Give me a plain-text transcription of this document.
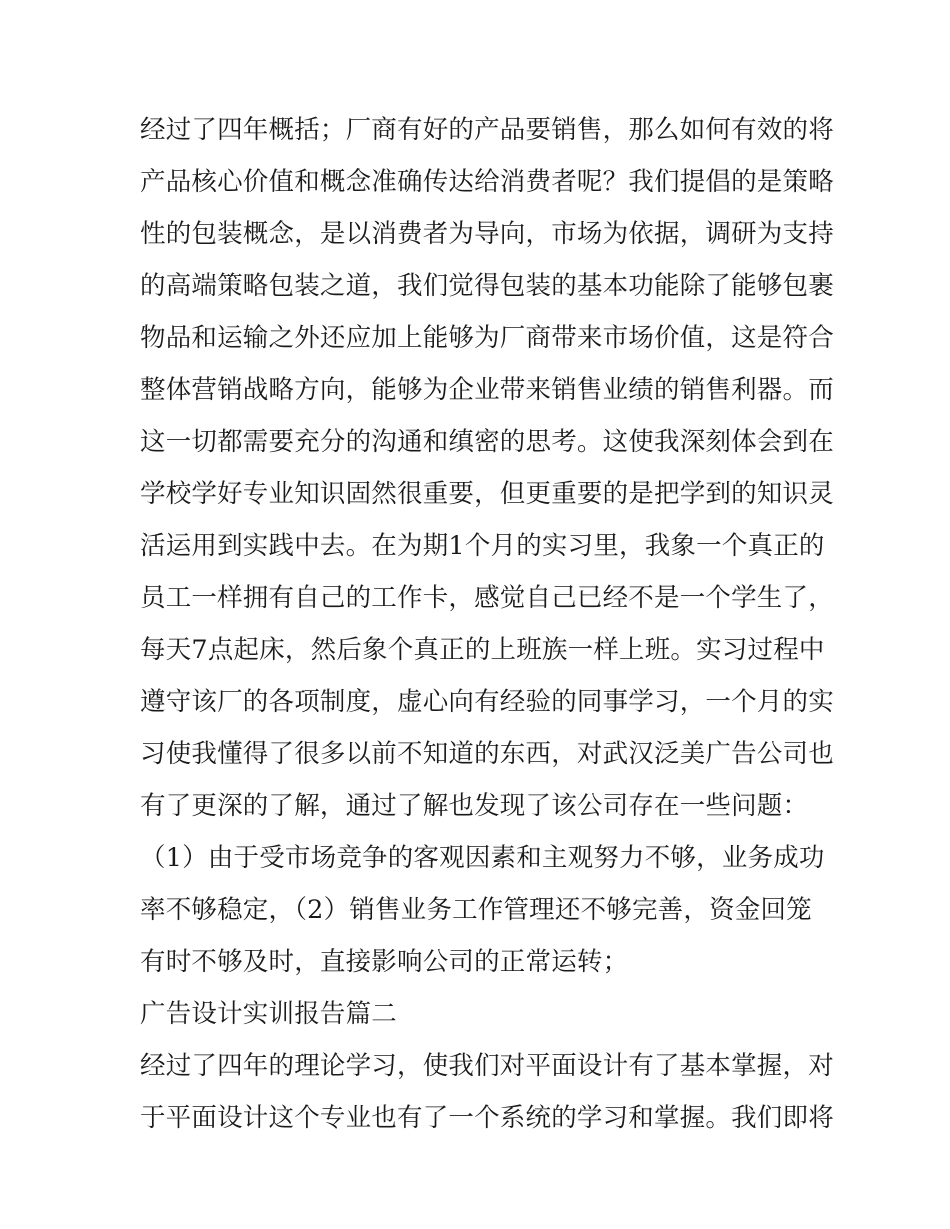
经过了四年概括；厂商有好的产品要销售，那么如何有效的将
产品核心价值和概念准确传达给消费者呢？我们提倡的是策略
性的包装概念，是以消费者为导向，市场为依据，调研为支持
的高端策略包装之道，我们觉得包装的基本功能除了能够包裹
物品和运输之外还应加上能够为厂商带来市场价值，这是符合
整体营销战略方向，能够为企业带来销售业绩的销售利器。而
这一切都需要充分的沟通和缜密的思考。这使我深刻体会到在
学校学好专业知识固然很重要，但更重要的是把学到的知识灵
活运用到实践中去。在为期1个月的实习里，我象一个真正的
员工一样拥有自己的工作卡，感觉自己已经不是一个学生了，
每天7点起床，然后象个真正的上班族一样上班。实习过程中
遵守该厂的各项制度，虚心向有经验的同事学习，一个月的实
习使我懂得了很多以前不知道的东西，对武汉泛美广告公司也
有了更深的了解，通过了解也发现了该公司存在一些问题：
（1）由于受市场竞争的客观因素和主观努力不够，业务成功
率不够稳定，（2）销售业务工作管理还不够完善，资金回笼
有时不够及时，直接影响公司的正常运转；
广告设计实训报告篇二
经过了四年的理论学习，使我们对平面设计有了基本掌握，对
于平面设计这个专业也有了一个系统的学习和掌握。我们即将
